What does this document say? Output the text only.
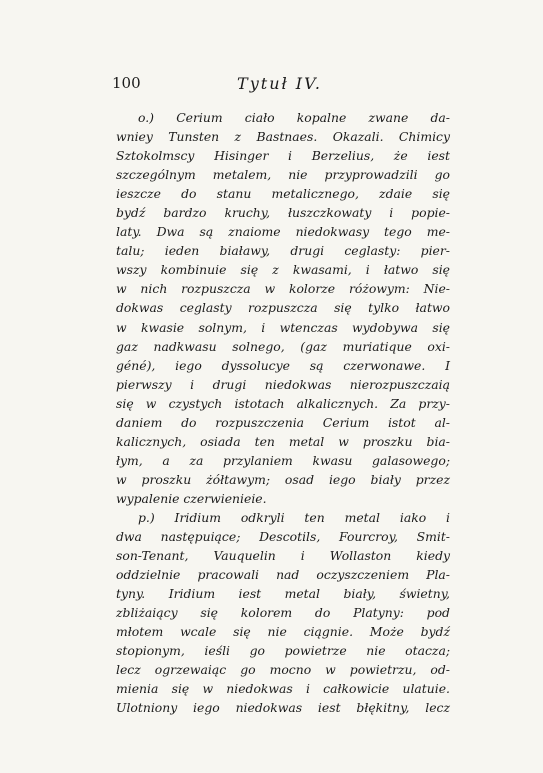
100	Tytuł IV.
o.) Cerium ciało kopalne zwane da-
wniey Tunsten z Bastnaes. Okazali. Chimicy
Sztokolmscy Hisinger i Berzelius, że iest
szczególnym metalem, nie przyprowadzili go
ieszcze do stanu metalicznego, zdaie się
bydź bardzo kruchy, łuszczkowaty i popie-
laty. Dwa są znaiome niedokwasy tego me-
talu; ieden białawy, drugi ceglasty: pier-
wszy kombinuie się z kwasami, i łatwo się
w nich rozpuszcza w kolorze różowym: Nie-
dokwas ceglasty rozpuszcza się tylko łatwo
w kwasie solnym, i wtenczas wydobywa się
gaz nadkwasu solnego, (gaz muriatique oxi-
géné), iego dyssolucye są czerwonawe. I
pierwszy i drugi niedokwas nierozpuszczaią
się w czystych istotach alkalicznych. Za przy-
daniem do rozpuszczenia Cerium istot al-
kalicznych, osiada ten metal w proszku bia-
łym, a za przylaniem kwasu galasowego;
w proszku żółtawym; osad iego biały przez
wypalenie czerwienieie.
p.) Iridium odkryli ten metal iako i
dwa następuiące; Descotils, Fourcroy, Smit-
son-Tenant, Vauquelin i Wollaston kiedy
oddzielnie pracowali nad oczyszczeniem Pla-
tyny. Iridium iest metal biały, świetny,
zbliżaiący się kolorem do Platyny: pod
młotem wcale się nie ciągnie. Może bydź
stopionym, ieśli go powietrze nie otacza;
lecz ogrzewaiąc go mocno w powietrzu, od-
mienia się w niedokwas i całkowicie ulatuie.
Ulotniony iego niedokwas iest błękitny, lecz
